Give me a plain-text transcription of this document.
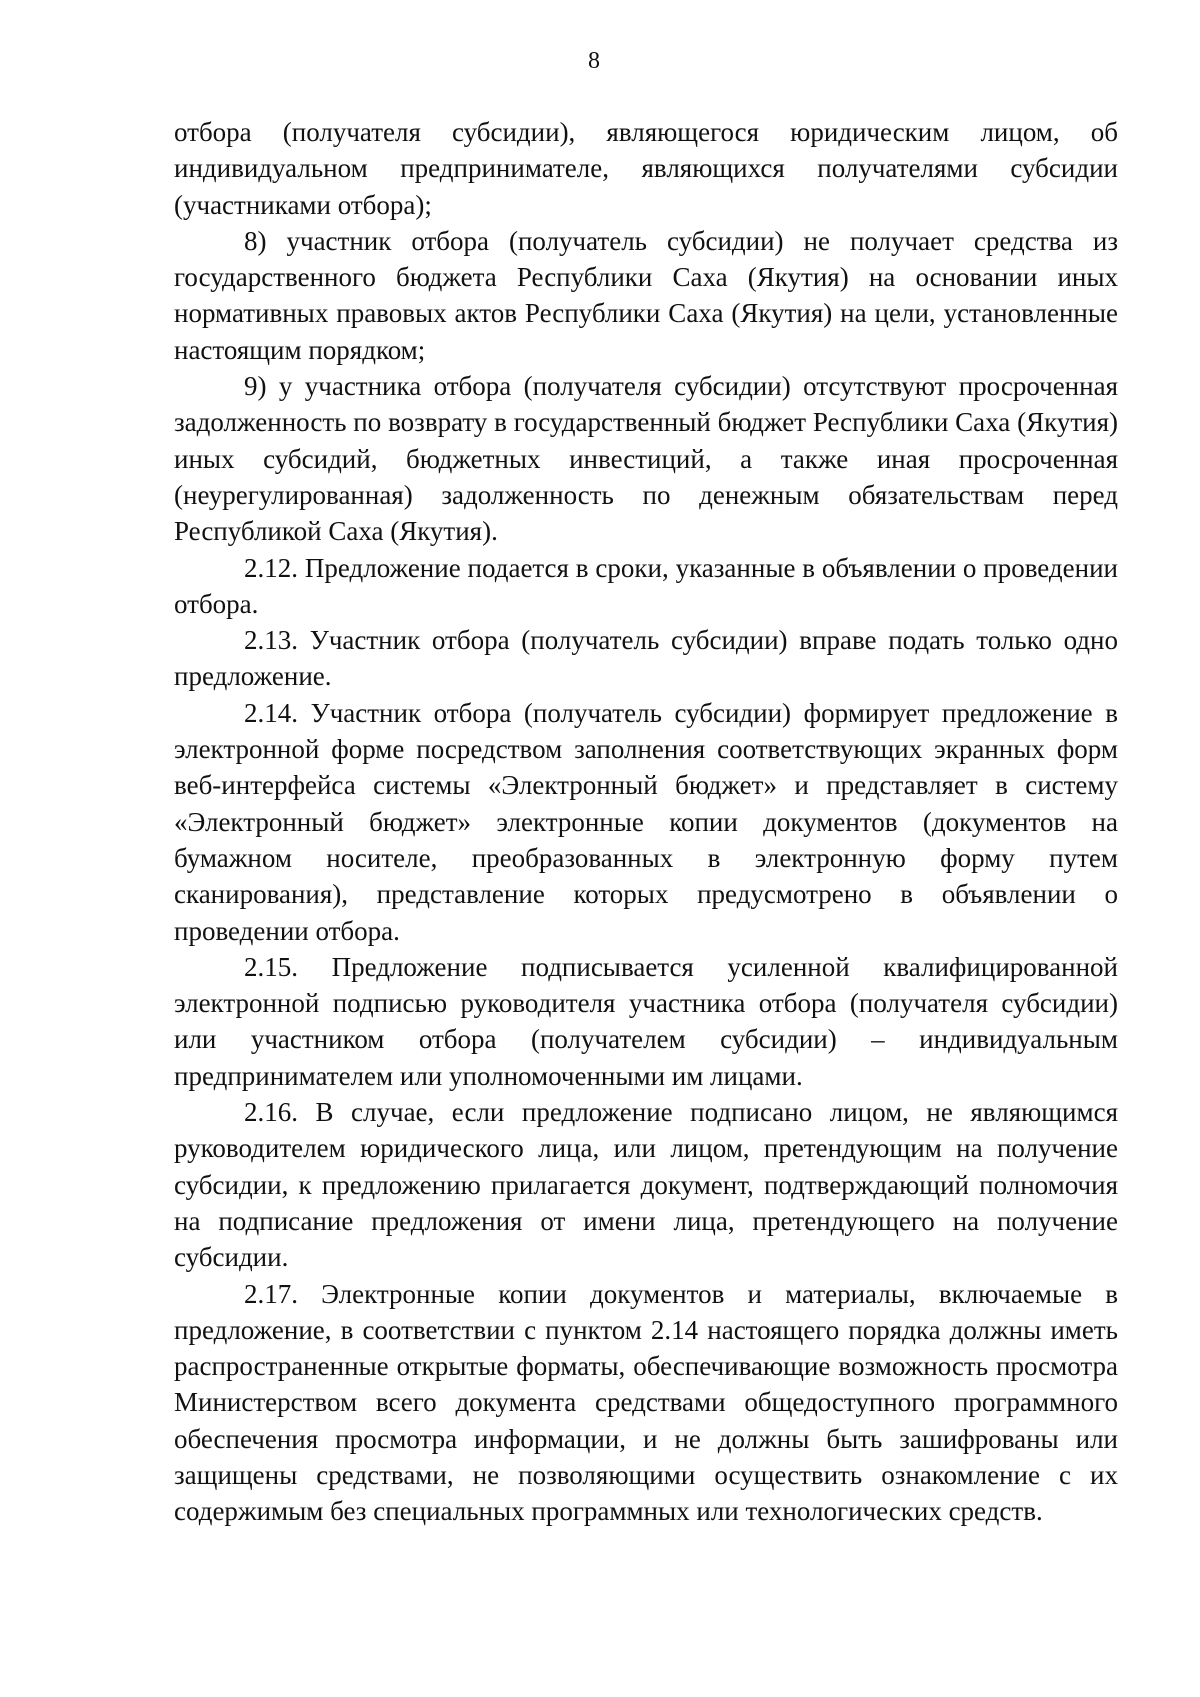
8

отбора (получателя субсидии), являющегося юридическим лицом, об индивидуальном предпринимателе, являющихся получателями субсидии (участниками отбора);

8) участник отбора (получатель субсидии) не получает средства из государственного бюджета Республики Саха (Якутия) на основании иных нормативных правовых актов Республики Саха (Якутия) на цели, установленные настоящим порядком;

9) у участника отбора (получателя субсидии) отсутствуют просроченная задолженность по возврату в государственный бюджет Республики Саха (Якутия) иных субсидий, бюджетных инвестиций, а также иная просроченная (неурегулированная) задолженность по денежным обязательствам перед Республикой Саха (Якутия).

2.12. Предложение подается в сроки, указанные в объявлении о проведении отбора.

2.13. Участник отбора (получатель субсидии) вправе подать только одно предложение.

2.14. Участник отбора (получатель субсидии) формирует предложение в электронной форме посредством заполнения соответствующих экранных форм веб-интерфейса системы «Электронный бюджет» и представляет в систему «Электронный бюджет» электронные копии документов (документов на бумажном носителе, преобразованных в электронную форму путем сканирования), представление которых предусмотрено в объявлении о проведении отбора.

2.15. Предложение подписывается усиленной квалифицированной электронной подписью руководителя участника отбора (получателя субсидии) или участником отбора (получателем субсидии) – индивидуальным предпринимателем или уполномоченными им лицами.

2.16. В случае, если предложение подписано лицом, не являющимся руководителем юридического лица, или лицом, претендующим на получение субсидии, к предложению прилагается документ, подтверждающий полномочия на подписание предложения от имени лица, претендующего на получение субсидии.

2.17. Электронные копии документов и материалы, включаемые в предложение, в соответствии с пунктом 2.14 настоящего порядка должны иметь распространенные открытые форматы, обеспечивающие возможность просмотра Министерством всего документа средствами общедоступного программного обеспечения просмотра информации, и не должны быть зашифрованы или защищены средствами, не позволяющими осуществить ознакомление с их содержимым без специальных программных или технологических средств.
